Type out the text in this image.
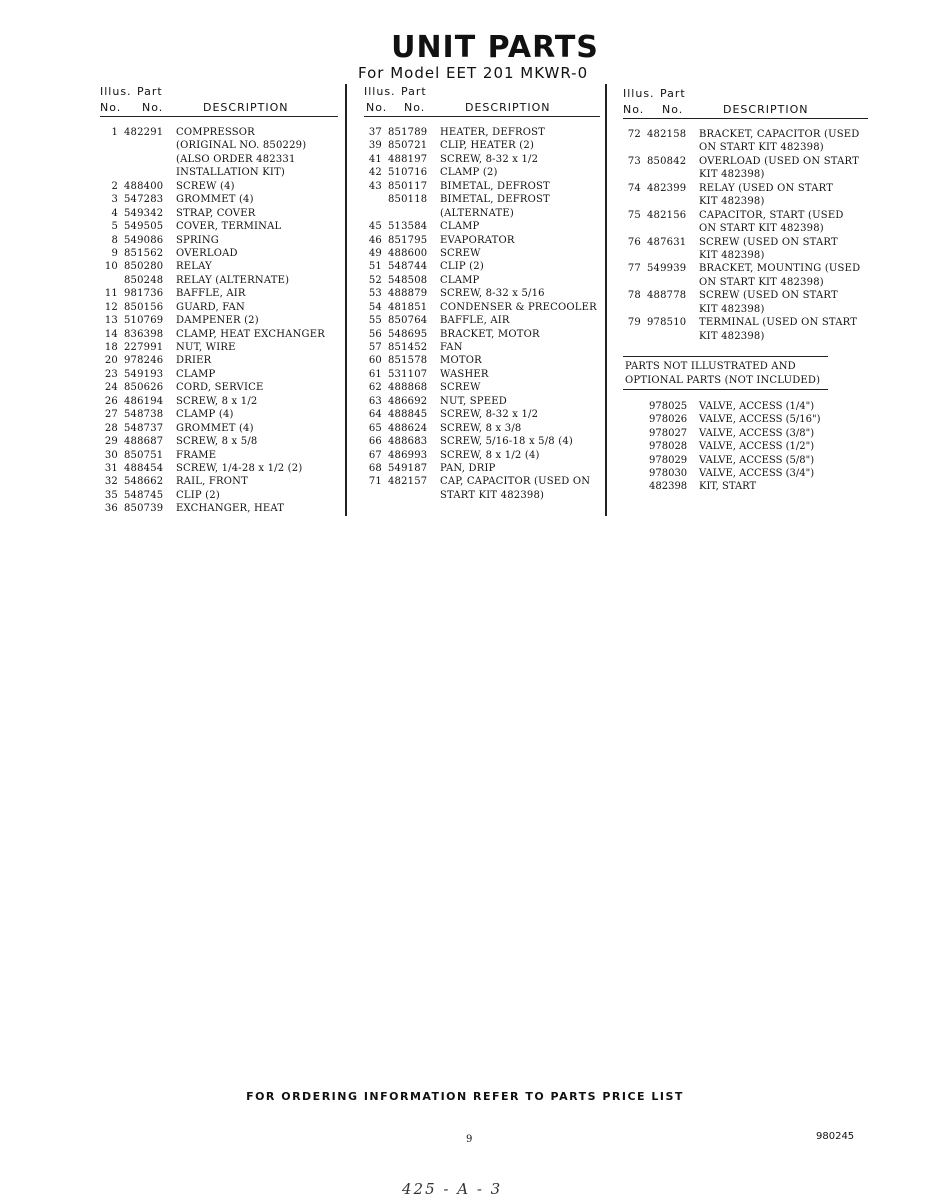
UNIT PARTS
For Model EET 201 MKWR-0
Illus. Part
No. No.	DESCRIPTION
1 482291 COMPRESSOR
(ORIGINAL NO. 850229)
(ALSO ORDER 482331
INSTALLATION KIT)
2 488400 SCREW (4)
3 547283 GROMMET (4)
4 549342 STRAP, COVER
5 549505 COVER, TERMINAL
8 549086 SPRING
9 851562 OVERLOAD
10 850280 RELAY
850248 RELAY (ALTERNATE)
11 981736 BAFFLE, AIR
12 850156 GUARD, FAN
13 510769 DAMPENER (2)
14 836398 CLAMP, HEAT EXCHANGER
18 227991 NUT, WIRE
20 978246 DRIER
23 549193 CLAMP
24 850626 CORD, SERVICE
26 486194 SCREW, 8 x 1/2
27 548738 CLAMP (4)
28 548737 GROMMET (4)
29 488687 SCREW, 8 x 5/8
30 850751 FRAME
31 488454 SCREW, 1/4-28 x 1/2 (2)
32 548662 RAIL, FRONT
35 548745 CLIP (2)
36 850739 EXCHANGER, HEAT
Illus. Part
No. No.	DESCRIPTION
37 851789 HEATER, DEFROST
39 850721 CLIP, HEATER (2)
41 488197 SCREW, 8-32 x 1/2
42 510716 CLAMP (2)
43 850117 BIMETAL, DEFROST
850118 BIMETAL, DEFROST
(ALTERNATE)
45 513584 CLAMP
46 851795 EVAPORATOR
49 488600 SCREW
51 548744 CLIP (2)
52 548508 CLAMP
53 488879 SCREW, 8-32 x 5/16
54 481851 CONDENSER & PRECOOLER
55 850764 BAFFLE, AIR
56 548695 BRACKET, MOTOR
57 851452 FAN
60 851578 MOTOR
61 531107 WASHER
62 488868 SCREW
63 486692 NUT, SPEED
64 488845 SCREW, 8-32 x 1/2
65 488624 SCREW, 8 x 3/8
66 488683 SCREW, 5/16-18 x 5/8 (4)
67 486993 SCREW, 8 x 1/2 (4)
68 549187 PAN, DRIP
71 482157 CAP, CAPACITOR (USED ON
START KIT 482398)
Illus. Part
No. No.	DESCRIPTION
72 482158 BRACKET, CAPACITOR (USED
ON START KIT 482398)
73 850842 OVERLOAD (USED ON START
KIT 482398)
74 482399 RELAY (USED ON START
KIT 482398)
75 482156 CAPACITOR, START (USED
ON START KIT 482398)
76 487631 SCREW (USED ON START
KIT 482398)
77 549939 BRACKET, MOUNTING (USED
ON START KIT 482398)
78 488778 SCREW (USED ON START
KIT 482398)
79 978510 TERMINAL (USED ON START
KIT 482398)
PARTS NOT ILLUSTRATED AND
OPTIONAL PARTS (NOT INCLUDED)
978025 VALVE, ACCESS (1/4")
978026 VALVE, ACCESS (5/16")
978027 VALVE, ACCESS (3/8")
978028 VALVE, ACCESS (1/2")
978029 VALVE, ACCESS (5/8")
978030 VALVE, ACCESS (3/4")
482398 KIT, START
FOR ORDERING INFORMATION REFER TO PARTS PRICE LIST
9	980245
425 - A - 3
